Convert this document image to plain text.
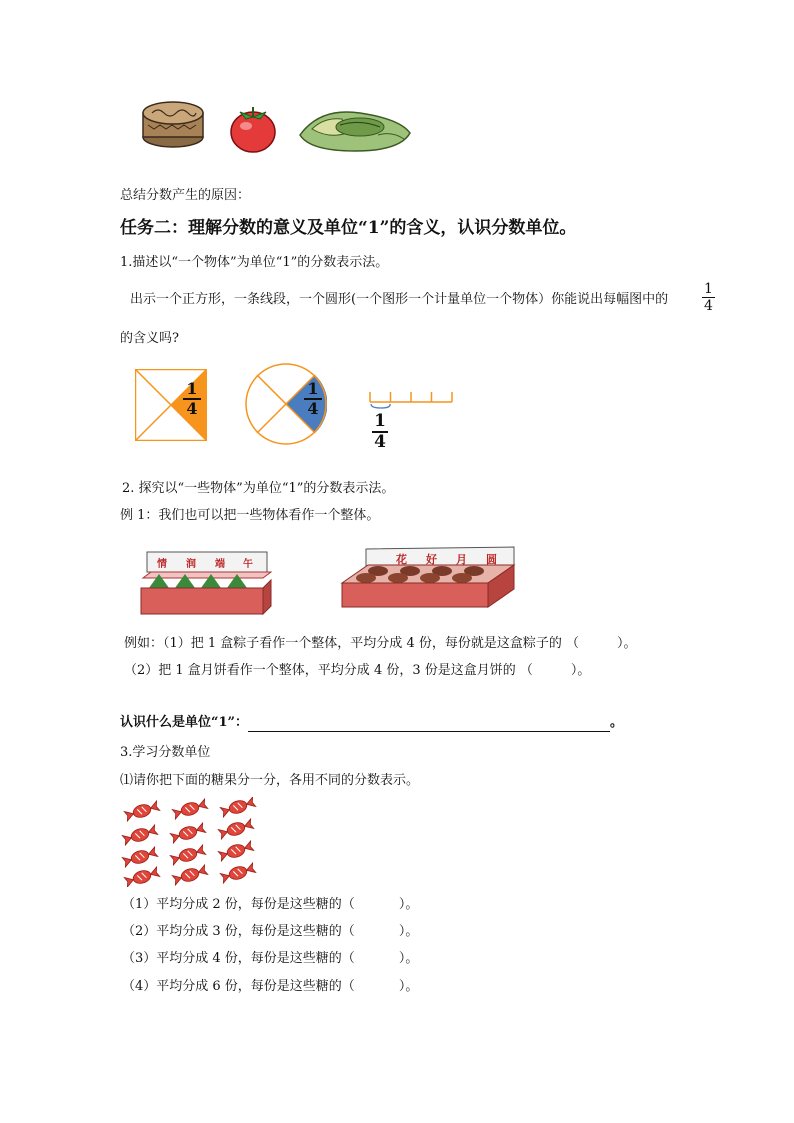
总结分数产生的原因：
任务二：理解分数的意义及单位“1”的含义，认识分数单位。
1.描述以“一个物体”为单位“1”的分数表示法。
出示一个正方形，一条线段，一个圆形(一个图形一个计量单位一个物体）你能说出每幅图中的
1
4
的含义吗?
1
4
1
4
1
4
2. 探究以“一些物体”为单位“1”的分数表示法。
例 1：我们也可以把一些物体看作一个整体。
情 润 端 午	花 好 月 圆
例如：（1）把 1 盒粽子看作一个整体，平均分成 4 份，每份就是这盒粽子的 （	）。
（2）把 1 盒月饼看作一个整体，平均分成 4 份，3 份是这盒月饼的 （	）。
认识什么是单位“1”：	。
3.学习分数单位
⑴请你把下面的糖果分一分，各用不同的分数表示。
（1）平均分成 2 份，每份是这些糖的（	）。
（2）平均分成 3 份，每份是这些糖的（	）。
（3）平均分成 4 份，每份是这些糖的（	）。
（4）平均分成 6 份，每份是这些糖的（	）。
